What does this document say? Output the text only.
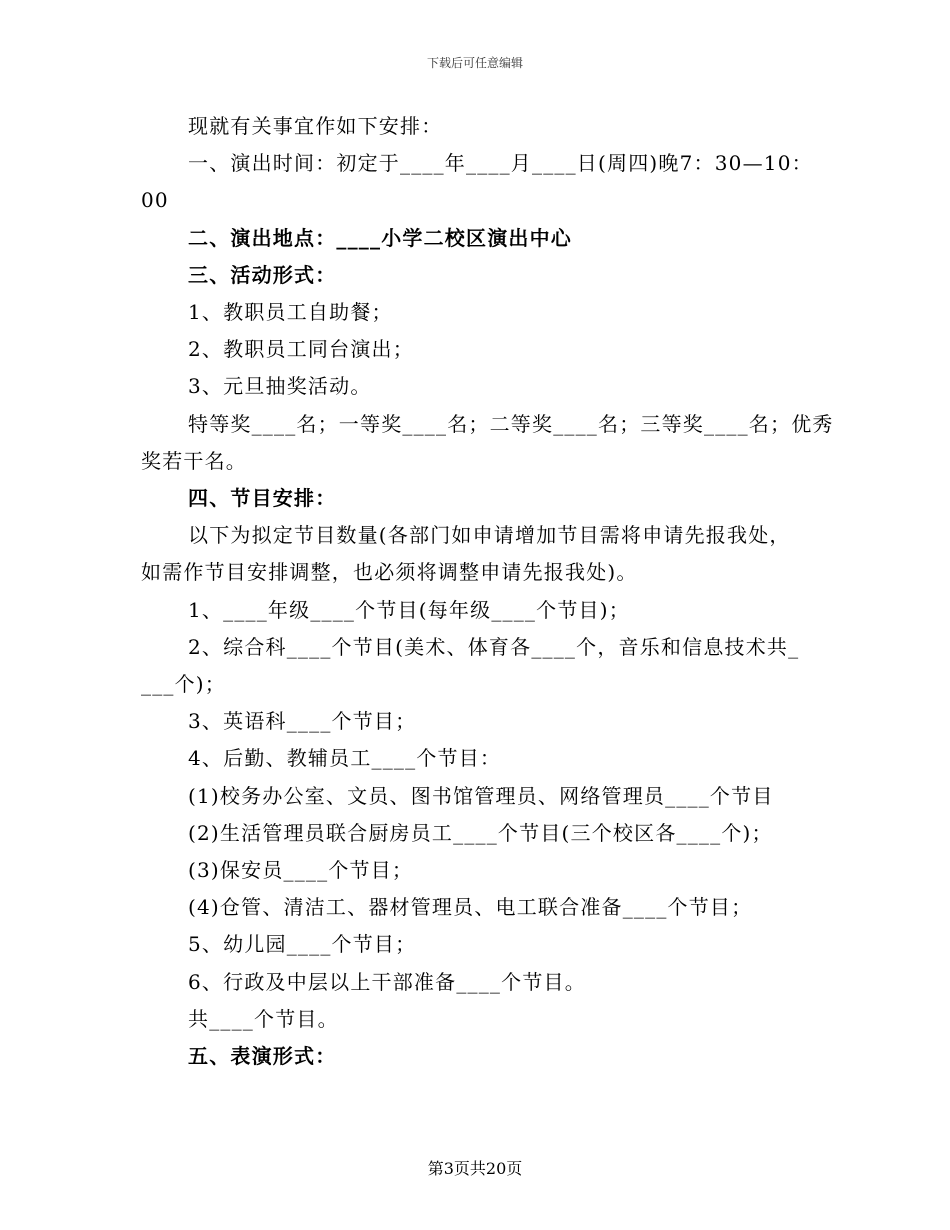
下载后可任意编辑
现就有关事宜作如下安排：
一、演出时间：初定于____年____月____日(周四)晚7：30—10：
00
二、演出地点：____小学二校区演出中心
三、活动形式：
1、教职员工自助餐；
2、教职员工同台演出；
3、元旦抽奖活动。
特等奖____名；一等奖____名；二等奖____名；三等奖____名；优秀
奖若干名。
四、节目安排：
以下为拟定节目数量(各部门如申请增加节目需将申请先报我处，
如需作节目安排调整，也必须将调整申请先报我处)。
1、____年级____个节目(每年级____个节目)；
2、综合科____个节目(美术、体育各____个，音乐和信息技术共_
___个)；
3、英语科____个节目；
4、后勤、教辅员工____个节目：
(1)校务办公室、文员、图书馆管理员、网络管理员____个节目
(2)生活管理员联合厨房员工____个节目(三个校区各____个)；
(3)保安员____个节目；
(4)仓管、清洁工、器材管理员、电工联合准备____个节目；
5、幼儿园____个节目；
6、行政及中层以上干部准备____个节目。
共____个节目。
五、表演形式：
第3页共20页
